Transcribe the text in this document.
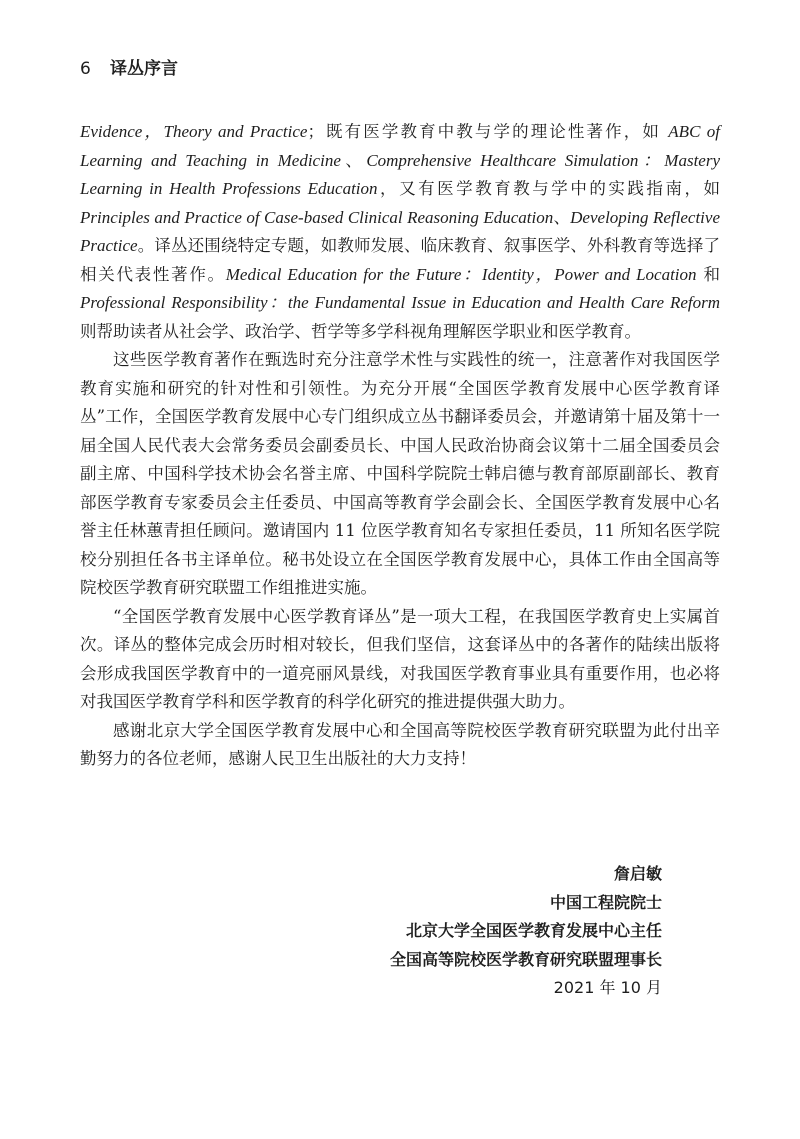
6 译丛序言

Evidence，Theory and Practice；既有医学教育中教与学的理论性著作，如 ABC of Learning and Teaching in Medicine、Comprehensive Healthcare Simulation：Mastery Learning in Health Professions Education，又有医学教育教与学中的实践指南，如 Principles and Practice of Case-based Clinical Reasoning Education、Developing Reflective Practice。译丛还围绕特定专题，如教师发展、临床教育、叙事医学、外科教育等选择了相关代表性著作。Medical Education for the Future：Identity，Power and Location 和 Professional Responsibility：the Fundamental Issue in Education and Health Care Reform 则帮助读者从社会学、政治学、哲学等多学科视角理解医学职业和医学教育。

这些医学教育著作在甄选时充分注意学术性与实践性的统一，注意著作对我国医学教育实施和研究的针对性和引领性。为充分开展“全国医学教育发展中心医学教育译丛”工作，全国医学教育发展中心专门组织成立丛书翻译委员会，并邀请第十届及第十一届全国人民代表大会常务委员会副委员长、中国人民政治协商会议第十二届全国委员会副主席、中国科学技术协会名誉主席、中国科学院院士韩启德与教育部原副部长、教育部医学教育专家委员会主任委员、中国高等教育学会副会长、全国医学教育发展中心名誉主任林蕙青担任顾问。邀请国内 11 位医学教育知名专家担任委员，11 所知名医学院校分别担任各书主译单位。秘书处设立在全国医学教育发展中心，具体工作由全国高等院校医学教育研究联盟工作组推进实施。

“全国医学教育发展中心医学教育译丛”是一项大工程，在我国医学教育史上实属首次。译丛的整体完成会历时相对较长，但我们坚信，这套译丛中的各著作的陆续出版将会形成我国医学教育中的一道亮丽风景线，对我国医学教育事业具有重要作用，也必将对我国医学教育学科和医学教育的科学化研究的推进提供强大助力。

感谢北京大学全国医学教育发展中心和全国高等院校医学教育研究联盟为此付出辛勤努力的各位老师，感谢人民卫生出版社的大力支持！

詹启敏
中国工程院院士
北京大学全国医学教育发展中心主任
全国高等院校医学教育研究联盟理事长
2021 年 10 月
